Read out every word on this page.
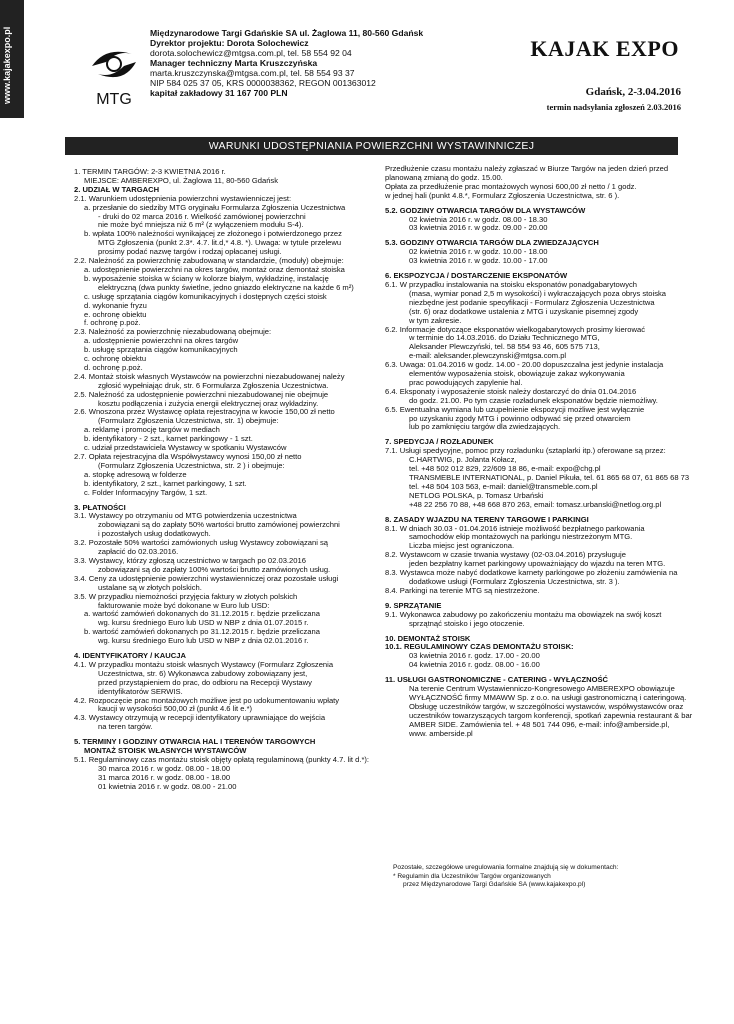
www.kajakexpo.pl	MTG
Międzynarodowe Targi Gdańskie SA ul. Żaglowa 11, 80-560 Gdańsk
Dyrektor projektu: Dorota Solochewicz
dorota.solochewicz@mtgsa.com.pl, tel. 58 554 92 04
Manager techniczny Marta Kruszczyńska
marta.kruszczynska@mtgsa.com.pl, tel. 58 554 93 37
NIP 584 025 37 05, KRS 0000038362, REGON 001363012
kapitał zakładowy 31 167 700 PLN
KAJAK EXPO
Gdańsk, 2-3.04.2016
termin nadsyłania zgłoszeń 2.03.2016
WARUNKI UDOSTĘPNIANIA POWIERZCHNI WYSTAWINNICZEJ
1. TERMIN TARGÓW: 2-3 KWIETNIA 2016 r.
MIEJSCE: AMBEREXPO, ul. Żaglowa 11, 80-560 Gdańsk
2. UDZIAŁ W TARGACH
2.1. Warunkiem udostępnienia powierzchni wystawienniczej jest:
a. przesłanie do siedziby MTG oryginału Formularza Zgłoszenia Uczestnictwa
- druki do 02 marca 2016 r. Wielkość zamówionej powierzchni
nie może być mniejsza niż 6 m² (z wyłączeniem modułu S-4).
b. wpłata 100% należności wynikającej ze złożonego i potwierdzonego przez
MTG Zgłoszenia (punkt 2.3*. 4.7. lit.d,* 4.8. *). Uwaga: w tytule przelewu
prosimy podać nazwę targów i rodzaj opłacanej usługi.
2.2. Należność za powierzchnię zabudowaną w standardzie, (moduły) obejmuje:
a. udostępnienie powierzchni na okres targów, montaż oraz demontaż stoiska
b. wyposażenie stoiska w ściany w kolorze białym, wykładzinę, instalację
elektryczną (dwa punkty świetlne, jedno gniazdo elektryczne na każde 6 m²)
c. usługę sprzątania ciągów komunikacyjnych i dostępnych części stoisk
d. wykonanie fryzu
e. ochronę obiektu
f. ochronę p.poż.
2.3. Należność za powierzchnię niezabudowaną obejmuje:
a. udostępnienie powierzchni na okres targów
b. usługę sprzątania ciągów komunikacyjnych
c. ochronę obiektu
d. ochronę p.poż.
2.4. Montaż stoisk własnych Wystawców na powierzchni niezabudowanej należy
zgłosić wypełniając druk, str. 6 Formularza Zgłoszenia Uczestnictwa.
2.5. Należność za udostępnienie powierzchni niezabudowanej nie obejmuje
kosztu podłączenia i zużycia energii elektrycznej oraz wykładziny.
2.6. Wnoszona przez Wystawcę opłata rejestracyjna w kwocie 150,00 zł netto
(Formularz Zgłoszenia Uczestnictwa, str. 1) obejmuje:
a. reklamę i promocję targów w mediach
b. identyfikatory - 2 szt., karnet parkingowy - 1 szt.
c. udział przedstawiciela Wystawcy w spotkaniu Wystawców
2.7. Opłata rejestracyjna dla Współwystawcy wynosi 150,00 zł netto
(Formularz Zgłoszenia Uczestnictwa, str. 2 ) i obejmuje:
a. stopkę adresową w folderze
b. identyfikatory, 2 szt., karnet parkingowy, 1 szt.
c. Folder Informacyjny Targów, 1 szt.
3. PŁATNOŚCI
3.1. Wystawcy po otrzymaniu od MTG potwierdzenia uczestnictwa
zobowiązani są do zapłaty 50% wartości brutto zamówionej powierzchni
i pozostałych usług dodatkowych.
3.2. Pozostałe 50% wartości zamówionych usług Wystawcy zobowiązani są
zapłacić do 02.03.2016.
3.3. Wystawcy, którzy zgłoszą uczestnictwo w targach po 02.03.2016
zobowiązani są do zapłaty 100% wartości brutto zamówionych usług.
3.4. Ceny za udostępnienie powierzchni wystawienniczej oraz pozostałe usługi
ustalane są w złotych polskich.
3.5. W przypadku niemożności przyjęcia faktury w złotych polskich
fakturowanie może być dokonane w Euro lub USD:
a. wartość zamówień dokonanych do 31.12.2015 r. będzie przeliczana
wg. kursu średniego Euro lub USD w NBP z dnia 01.07.2015 r.
b. wartość zamówień dokonanych po 31.12.2015 r. będzie przeliczana
wg. kursu średniego Euro lub USD w NBP z dnia 02.01.2016 r.
4. IDENTYFIKATORY / KAUCJA
4.1. W przypadku montażu stoisk własnych Wystawcy (Formularz Zgłoszenia
Uczestnictwa, str. 6) Wykonawca zabudowy zobowiązany jest,
przed przystąpieniem do prac, do odbioru na Recepcji Wystawy
identyfikatorów SERWIS.
4.2. Rozpoczęcie prac montażowych możliwe jest po udokumentowaniu wpłaty
kaucji w wysokości 500,00 zł (punkt 4.6 lit e.*)
4.3. Wystawcy otrzymują w recepcji identyfikatory uprawniające do wejścia
na teren targów.
5. TERMINY I GODZINY OTWARCIA HAL I TERENÓW TARGOWYCH
MONTAŻ STOISK WŁASNYCH WYSTAWCÓW
5.1. Regulaminowy czas montażu stoisk objęty opłatą regulaminową (punkty 4.7. lit d.*):
30 marca 2016 r. w godz. 08.00 - 18.00
31 marca 2016 r. w godz. 08.00 - 18.00
01 kwietnia 2016 r. w godz. 08.00 - 21.00
Przedłużenie czasu montażu należy zgłaszać w Biurze Targów na jeden dzień przed
planowaną zmianą do godz. 15.00.
Opłata za przedłużenie prac montażowych wynosi 600,00 zł netto / 1 godz.
w jednej hali (punkt 4.8.*, Formularz Zgłoszenia Uczestnictwa, str. 6 ).
5.2. GODZINY OTWARCIA TARGÓW DLA WYSTAWCÓW
02 kwietnia 2016 r. w godz. 08.00 - 18.30
03 kwietnia 2016 r. w godz. 09.00 - 20.00
5.3. GODZINY OTWARCIA TARGÓW DLA ZWIEDZAJĄCYCH
02 kwietnia 2016 r. w godz. 10.00 - 18.00
03 kwietnia 2016 r. w godz. 10.00 - 17.00
6. EKSPOZYCJA / DOSTARCZENIE EKSPONATÓW
6.1. W przypadku instalowania na stoisku eksponatów ponadgabarytowych
(masa, wymiar ponad 2,5 m wysokości) i wykraczających poza obrys stoiska
niezbędne jest podanie specyfikacji - Formularz Zgłoszenia Uczestnictwa
(str. 6) oraz dodatkowe ustalenia z MTG i uzyskanie pisemnej zgody
w tym zakresie.
6.2. Informacje dotyczące eksponatów wielkogabarytowych prosimy kierować
w terminie do 14.03.2016. do Działu Technicznego MTG,
Aleksander Plewczyński, tel. 58 554 93 46, 605 575 713,
e-mail: aleksander.plewczynski@mtgsa.com.pl
6.3. Uwaga: 01.04.2016 w godz. 14.00 - 20.00 dopuszczalna jest jedynie instalacja
elementów wyposażenia stoisk, obowiązuje zakaz wykonywania
prac powodujących zapylenie hal.
6.4. Eksponaty i wyposażenie stoisk należy dostarczyć do dnia 01.04.2016
do godz. 21.00. Po tym czasie rozładunek eksponatów będzie niemożliwy.
6.5. Ewentualna wymiana lub uzupełnienie ekspozycji możliwe jest wyłącznie
po uzyskaniu zgody MTG i powinno odbywać się przed otwarciem
lub po zamknięciu targów dla zwiedzających.
7. SPEDYCJA / ROZŁADUNEK
7.1. Usługi spedycyjne, pomoc przy rozładunku (sztaplarki itp.) oferowane są przez:
C.HARTWIG, p. Jolanta Kołacz,
tel. +48 502 012 829, 22/609 18 86, e-mail: expo@chg.pl
TRANSMEBLE INTERNATIONAL, p. Daniel Pikuła, tel. 61 865 68 07, 61 865 68 73
tel. +48 504 103 563, e-mail: daniel@transmeble.com.pl
NETLOG POLSKA, p. Tomasz Urbański
+48 22 256 70 88, +48 668 870 263, email: tomasz.urbanski@netlog.org.pl
8. ZASADY WJAZDU NA TERENY TARGOWE I PARKINGI
8.1. W dniach 30.03 - 01.04.2016 istnieje możliwość bezpłatnego parkowania
samochodów ekip montażowych na parkingu niestrzeżonym MTG.
Liczba miejsc jest ograniczona.
8.2. Wystawcom w czasie trwania wystawy (02-03.04.2016) przysługuje
jeden bezpłatny karnet parkingowy upoważniający do wjazdu na teren MTG.
8.3. Wystawca może nabyć dodatkowe karnety parkingowe po złożeniu zamówienia na
dodatkowe usługi (Formularz Zgłoszenia Uczestnictwa, str. 3 ).
8.4. Parkingi na terenie MTG są niestrzeżone.
9. SPRZĄTANIE
9.1. Wykonawca zabudowy po zakończeniu montażu ma obowiązek na swój koszt
sprzątnąć stoisko i jego otoczenie.
10. DEMONTAŻ STOISK
10.1. REGULAMINOWY CZAS DEMONTAŻU STOISK:
03 kwietnia 2016 r. godz. 17.00 - 20.00
04 kwietnia 2016 r. godz. 08.00 - 16.00
11. USŁUGI GASTRONOMICZNE - CATERING - WYŁĄCZNOŚĆ
Na terenie Centrum Wystawienniczo-Kongresowego AMBEREXPO obowiązuje
WYŁĄCZNOŚĆ firmy MMAWW Sp. z o.o. na usługi gastronomiczną i cateringową.
Obsługę uczestników targów, w szczególności wystawców, współwystawców oraz
uczestników towarzyszących targom konferencji, spotkań zapewnia restaurant & bar
AMBER SIDE. Zamówienia tel. + 48 501 744 096, e-mail: info@amberside.pl,
www. amberside.pl
Pozostałe, szczegółowe uregulowania formalne znajdują się w dokumentach:
* Regulamin dla Uczestników Targów organizowanych
przez Międzynarodowe Targi Gdańskie SA (www.kajakexpo.pl)
